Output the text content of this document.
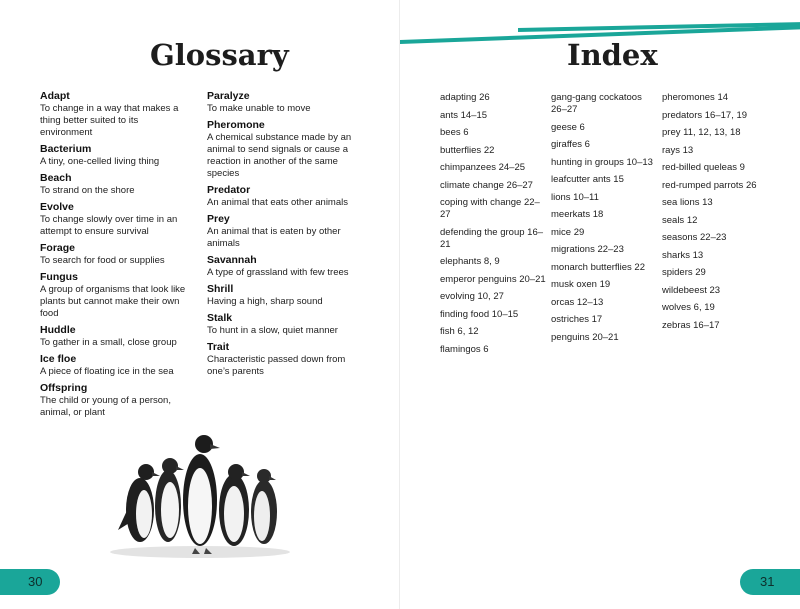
Glossary
Adapt
To change in a way that makes a thing better suited to its environment
Bacterium
A tiny, one-celled living thing
Beach
To strand on the shore
Evolve
To change slowly over time in an attempt to ensure survival
Forage
To search for food or supplies
Fungus
A group of organisms that look like plants but cannot make their own food
Huddle
To gather in a small, close group
Ice floe
A piece of floating ice in the sea
Offspring
The child or young of a person, animal, or plant
Paralyze
To make unable to move
Pheromone
A chemical substance made by an animal to send signals or cause a reaction in another of the same species
Predator
An animal that eats other animals
Prey
An animal that is eaten by other animals
Savannah
A type of grassland with few trees
Shrill
Having a high, sharp sound
Stalk
To hunt in a slow, quiet manner
Trait
Characteristic passed down from one’s parents
30
Index
adapting 26
ants 14–15
bees 6
butterflies 22
chimpanzees 24–25
climate change 26–27
coping with change 22–27
defending the group 16–21
elephants 8, 9
emperor penguins 20–21
evolving 10, 27
finding food 10–15
fish 6, 12
flamingos 6
gang-gang cockatoos 26–27
geese 6
giraffes 6
hunting in groups 10–13
leafcutter ants 15
lions 10–11
meerkats 18
mice 29
migrations 22–23
monarch butterflies 22
musk oxen 19
orcas 12–13
ostriches 17
penguins 20–21
pheromones 14
predators 16–17, 19
prey 11, 12, 13, 18
rays 13
red-billed queleas 9
red-rumped parrots 26
sea lions 13
seals 12
seasons 22–23
sharks 13
spiders 29
wildebeest 23
wolves 6, 19
zebras 16–17
31
